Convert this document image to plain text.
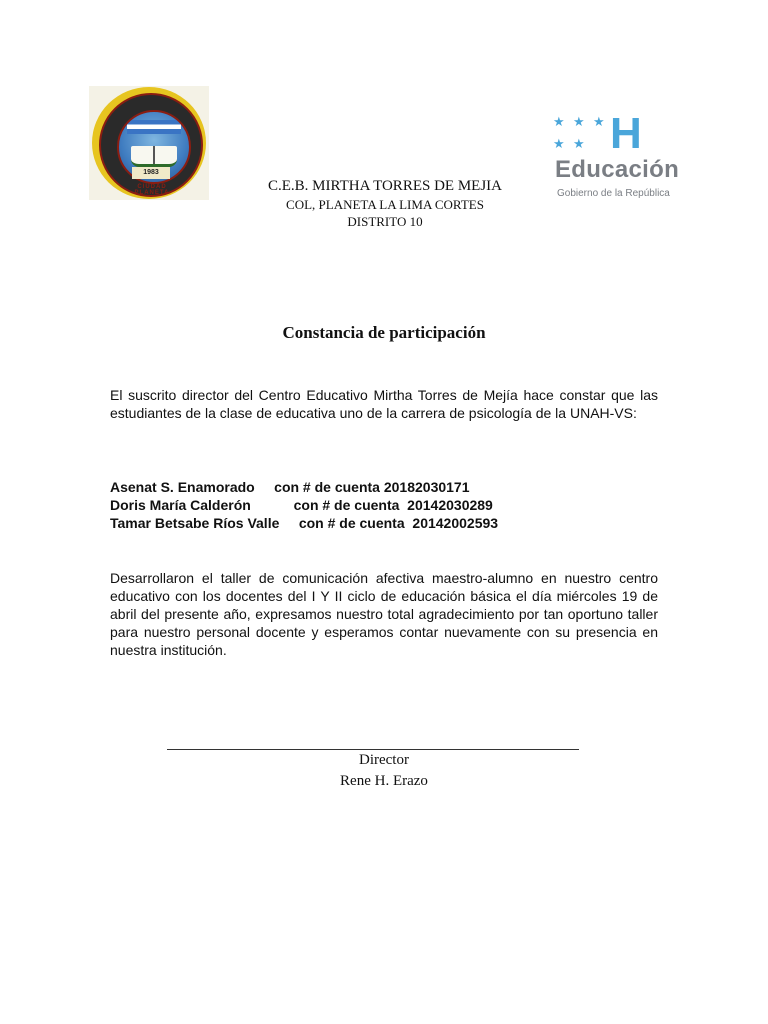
1983
CIUDAD PLANETA
★ ★ ★
★ ★ H
Educación
Gobierno de la República
C.E.B. MIRTHA TORRES DE MEJIA
COL, PLANETA LA LIMA CORTES
DISTRITO 10
Constancia de participación
El suscrito director del Centro Educativo Mirtha Torres de Mejía hace constar que las estudiantes de la clase de educativa uno de la carrera de psicología de la UNAH-VS:
Asenat S. Enamorado     con # de cuenta 20182030171
Doris María Calderón           con # de cuenta  20142030289
Tamar Betsabe Ríos Valle     con # de cuenta  20142002593
Desarrollaron el taller de comunicación afectiva maestro-alumno en nuestro centro educativo con los docentes del I Y II ciclo de educación básica el día miércoles 19 de abril del presente año, expresamos nuestro total agradecimiento por tan oportuno taller para nuestro personal docente y esperamos contar nuevamente con su presencia en nuestra institución.
Director
Rene H. Erazo
